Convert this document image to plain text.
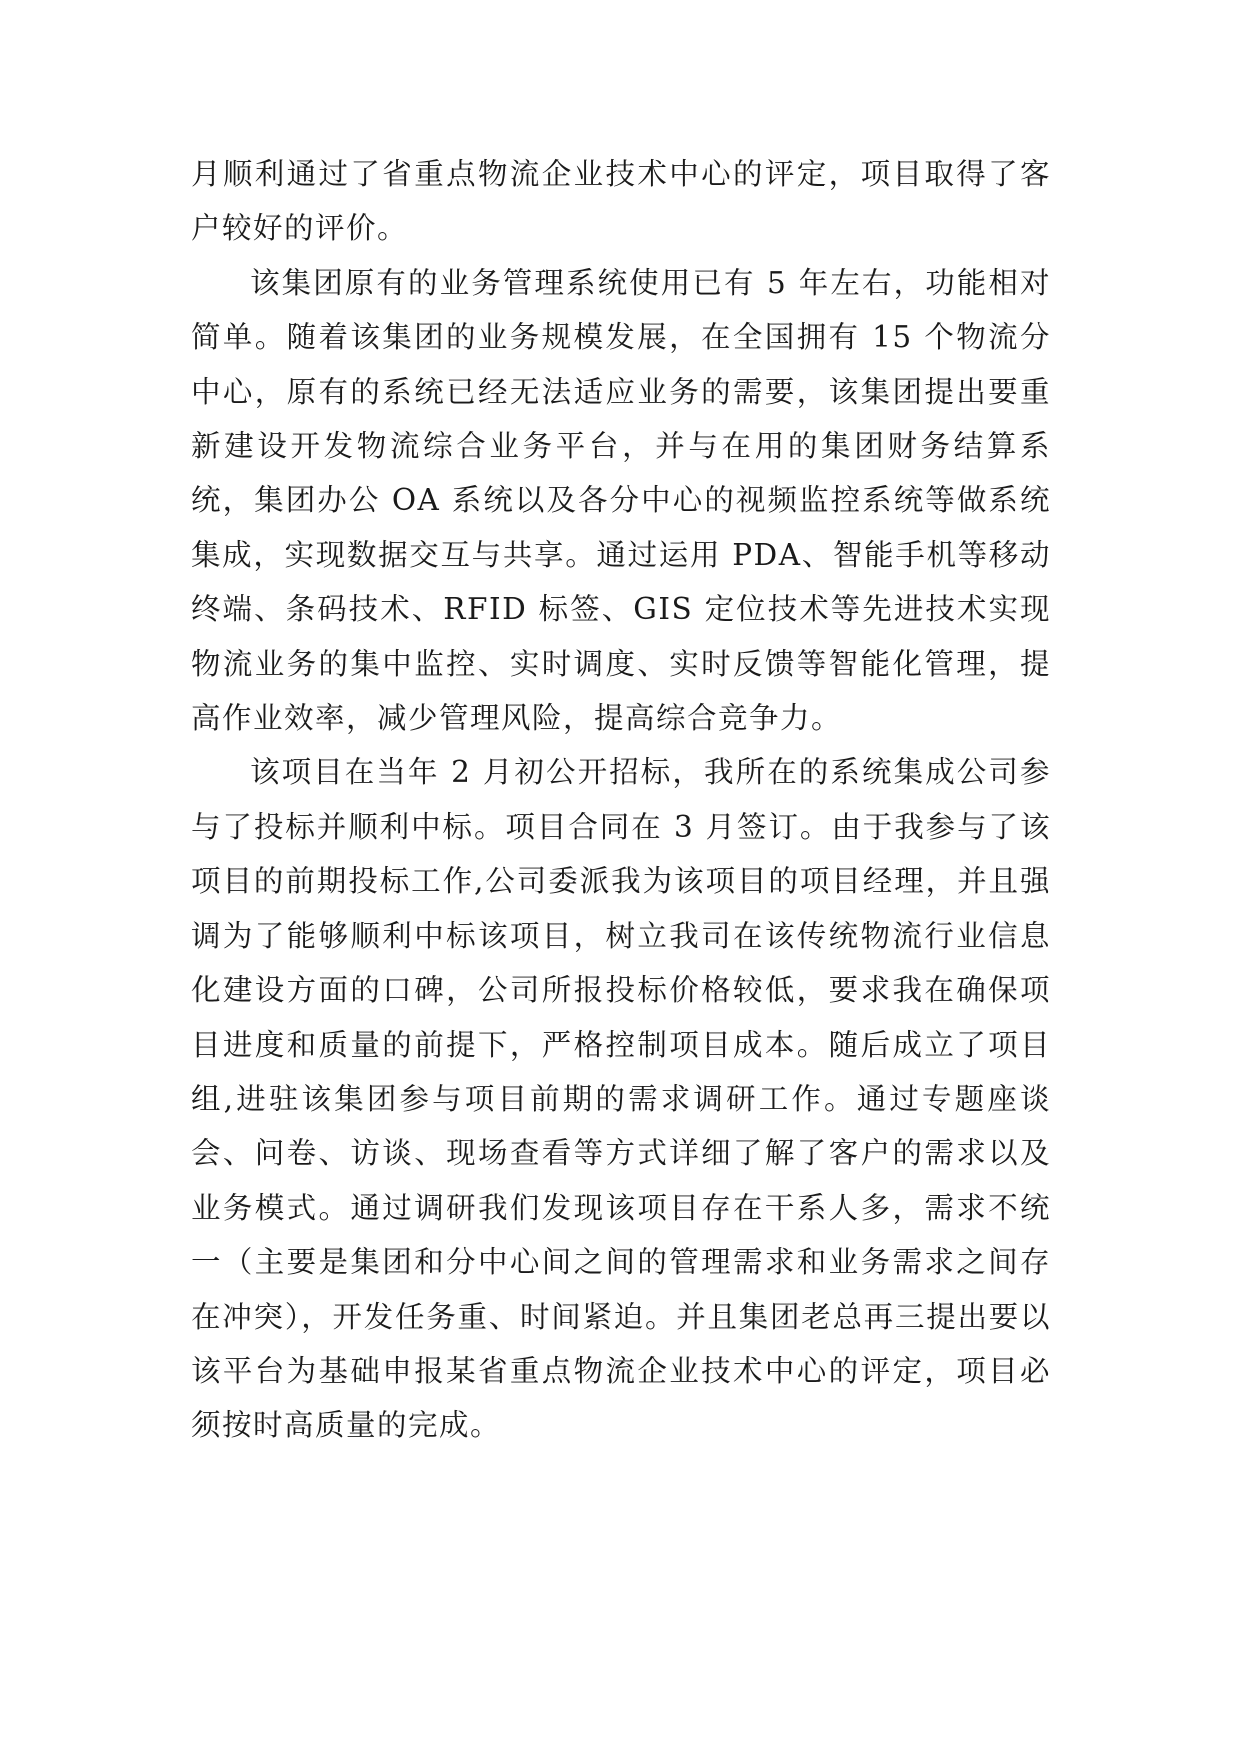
月顺利通过了省重点物流企业技术中心的评定，项目取得了客户较好的评价。

该集团原有的业务管理系统使用已有 5 年左右，功能相对简单。随着该集团的业务规模发展，在全国拥有 15 个物流分中心，原有的系统已经无法适应业务的需要，该集团提出要重新建设开发物流综合业务平台，并与在用的集团财务结算系统，集团办公 OA 系统以及各分中心的视频监控系统等做系统集成，实现数据交互与共享。通过运用 PDA、智能手机等移动终端、条码技术、RFID 标签、GIS 定位技术等先进技术实现物流业务的集中监控、实时调度、实时反馈等智能化管理，提高作业效率，减少管理风险，提高综合竞争力。

该项目在当年 2 月初公开招标，我所在的系统集成公司参与了投标并顺利中标。项目合同在 3 月签订。由于我参与了该项目的前期投标工作,公司委派我为该项目的项目经理，并且强调为了能够顺利中标该项目，树立我司在该传统物流行业信息化建设方面的口碑，公司所报投标价格较低，要求我在确保项目进度和质量的前提下，严格控制项目成本。随后成立了项目组,进驻该集团参与项目前期的需求调研工作。通过专题座谈会、问卷、访谈、现场查看等方式详细了解了客户的需求以及业务模式。通过调研我们发现该项目存在干系人多，需求不统一（主要是集团和分中心间之间的管理需求和业务需求之间存在冲突），开发任务重、时间紧迫。并且集团老总再三提出要以该平台为基础申报某省重点物流企业技术中心的评定，项目必须按时高质量的完成。
